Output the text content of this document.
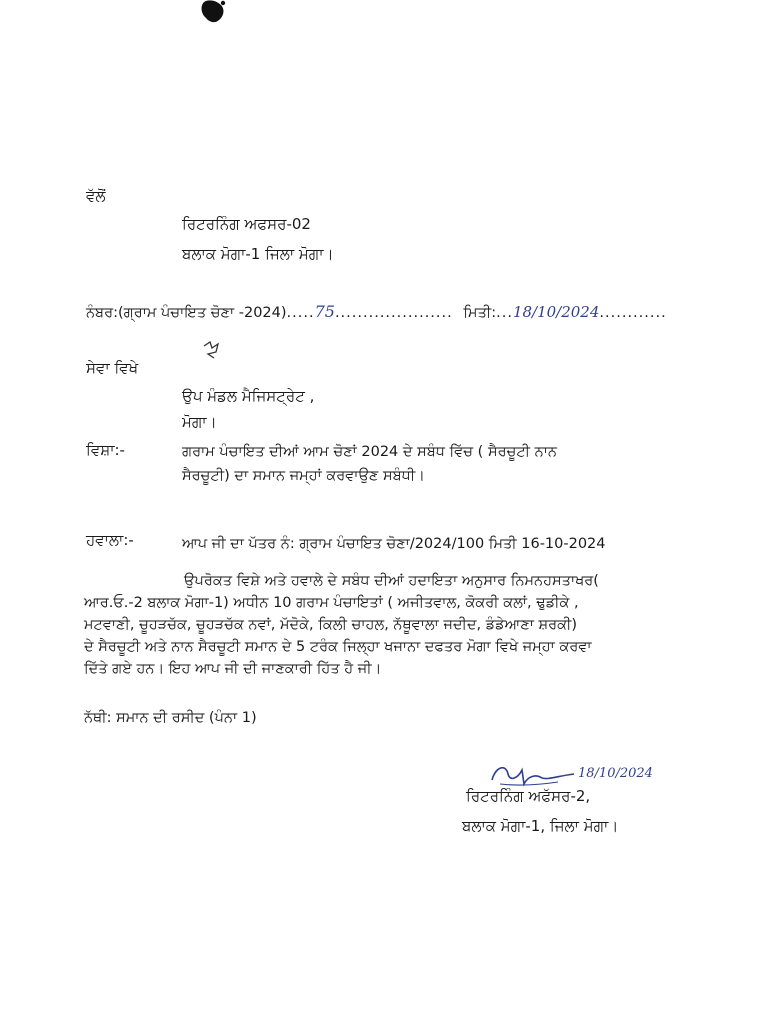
ਵੱਲੋਂ
ਰਿਟਰਨਿੰਗ ਅਫਸਰ-02
ਬਲਾਕ ਮੋਗਾ-1 ਜਿਲਾ ਮੋਗਾ।
ਨੰਬਰ:(ਗ੍ਰਾਮ ਪੰਚਾਇਤ ਚੋਣਾ -2024).....75..................... ਮਿਤੀ:...18/10/2024............
ਸੇਵਾ ਵਿਖੇ
ਉਪ ਮੰਡਲ ਮੈਜਿਸਟ੍ਰੇਟ ,
ਮੋਗਾ।
ਵਿਸ਼ਾ:-	ਗਰਾਮ ਪੰਚਾਇਤ ਦੀਆਂ ਆਮ ਚੋਣਾਂ 2024 ਦੇ ਸਬੰਧ ਵਿੱਚ ( ਸੈਰਚੂਟੀ ਨਾਨ
ਸੈਰਚੂਟੀ) ਦਾ ਸਮਾਨ ਜਮ੍ਹਾਂ ਕਰਵਾਉਣ ਸਬੰਧੀ।
ਹਵਾਲਾ:-	ਆਪ ਜੀ ਦਾ ਪੱਤਰ ਨੰ: ਗ੍ਰਾਮ ਪੰਚਾਇਤ ਚੋਣਾ/2024/100 ਮਿਤੀ 16-10-2024
ਉਪਰੋਕਤ ਵਿਸ਼ੇ ਅਤੇ ਹਵਾਲੇ ਦੇ ਸਬੰਧ ਦੀਆਂ ਹਦਾਇਤਾ ਅਨੁਸਾਰ ਨਿਮਨਹਸਤਾਖਰ(
ਆਰ.ਓ.-2 ਬਲਾਕ ਮੋਗਾ-1) ਅਧੀਨ 10 ਗਰਾਮ ਪੰਚਾਇਤਾਂ ( ਅਜੀਤਵਾਲ, ਕੋਕਰੀ ਕਲਾਂ, ਢੁਡੀਕੇ ,
ਮਟਵਾਣੀ, ਚੂਹੜਚੱਕ, ਚੂਹੜਚੱਕ ਨਵਾਂ, ਮੱਦੋਕੇ, ਕਿਲੀ ਚਾਹਲ, ਨੱਥੂਵਾਲਾ ਜਦੀਦ, ਡੰਡੇਆਣਾ ਸ਼ਰਕੀ)
ਦੇ ਸੈਰਚੂਟੀ ਅਤੇ ਨਾਨ ਸੈਰਚੂਟੀ ਸਮਾਨ ਦੇ 5 ਟਰੰਕ ਜਿਲ੍ਹਾ ਖਜਾਨਾ ਦਫਤਰ ਮੋਗਾ ਵਿਖੇ ਜਮ੍ਹਾ ਕਰਵਾ
ਦਿੱਤੇ ਗਏ ਹਨ। ਇਹ ਆਪ ਜੀ ਦੀ ਜਾਣਕਾਰੀ ਹਿੱਤ ਹੈ ਜੀ।
ਨੱਥੀ: ਸਮਾਨ ਦੀ ਰਸੀਦ (ਪੰਨਾ 1)
18/10/2024
ਰਿਟਰਨਿੰਗ ਅਫੱਸਰ-2,
ਬਲਾਕ ਮੋਗਾ-1, ਜਿਲਾ ਮੋਗਾ।
